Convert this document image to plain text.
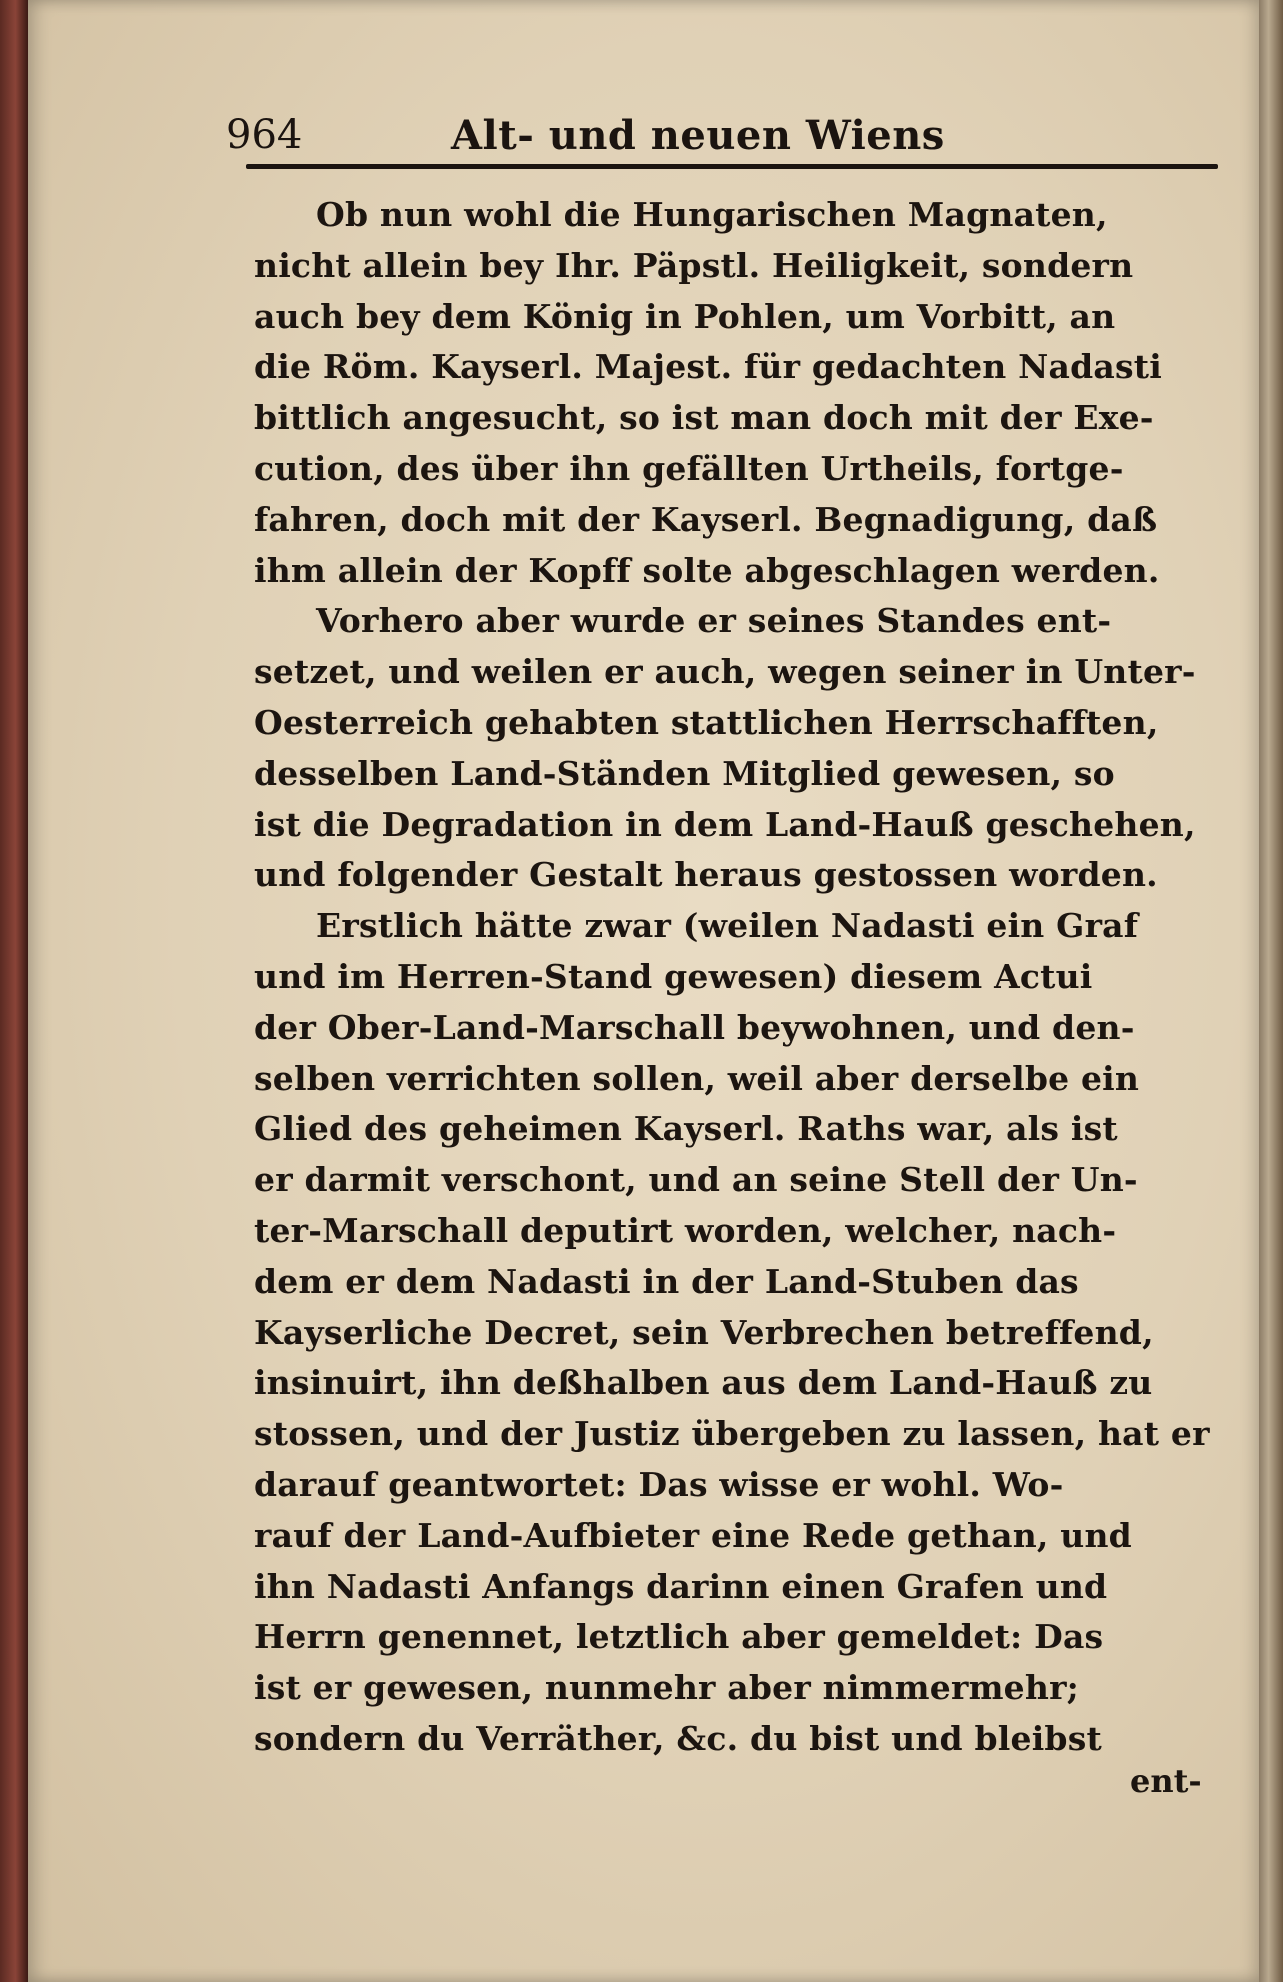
964	Alt- und neuen Wiens
Ob nun wohl die Hungarischen Magnaten,
nicht allein bey Ihr. Päpstl. Heiligkeit, sondern
auch bey dem König in Pohlen, um Vorbitt, an
die Röm. Kayserl. Majest. für gedachten Nadasti
bittlich angesucht, so ist man doch mit der Exe-
cution, des über ihn gefällten Urtheils, fortge-
fahren, doch mit der Kayserl. Begnadigung, daß
ihm allein der Kopff solte abgeschlagen werden.
Vorhero aber wurde er seines Standes ent-
setzet, und weilen er auch, wegen seiner in Unter-
Oesterreich gehabten stattlichen Herrschafften,
desselben Land-Ständen Mitglied gewesen, so
ist die Degradation in dem Land-Hauß geschehen,
und folgender Gestalt heraus gestossen worden.
Erstlich hätte zwar (weilen Nadasti ein Graf
und im Herren-Stand gewesen) diesem Actui
der Ober-Land-Marschall beywohnen, und den-
selben verrichten sollen, weil aber derselbe ein
Glied des geheimen Kayserl. Raths war, als ist
er darmit verschont, und an seine Stell der Un-
ter-Marschall deputirt worden, welcher, nach-
dem er dem Nadasti in der Land-Stuben das
Kayserliche Decret, sein Verbrechen betreffend,
insinuirt, ihn deßhalben aus dem Land-Hauß zu
stossen, und der Justiz übergeben zu lassen, hat er
darauf geantwortet: Das wisse er wohl. Wo-
rauf der Land-Aufbieter eine Rede gethan, und
ihn Nadasti Anfangs darinn einen Grafen und
Herrn genennet, letztlich aber gemeldet: Das
ist er gewesen, nunmehr aber nimmermehr;
sondern du Verräther, &c. du bist und bleibst
ent-
